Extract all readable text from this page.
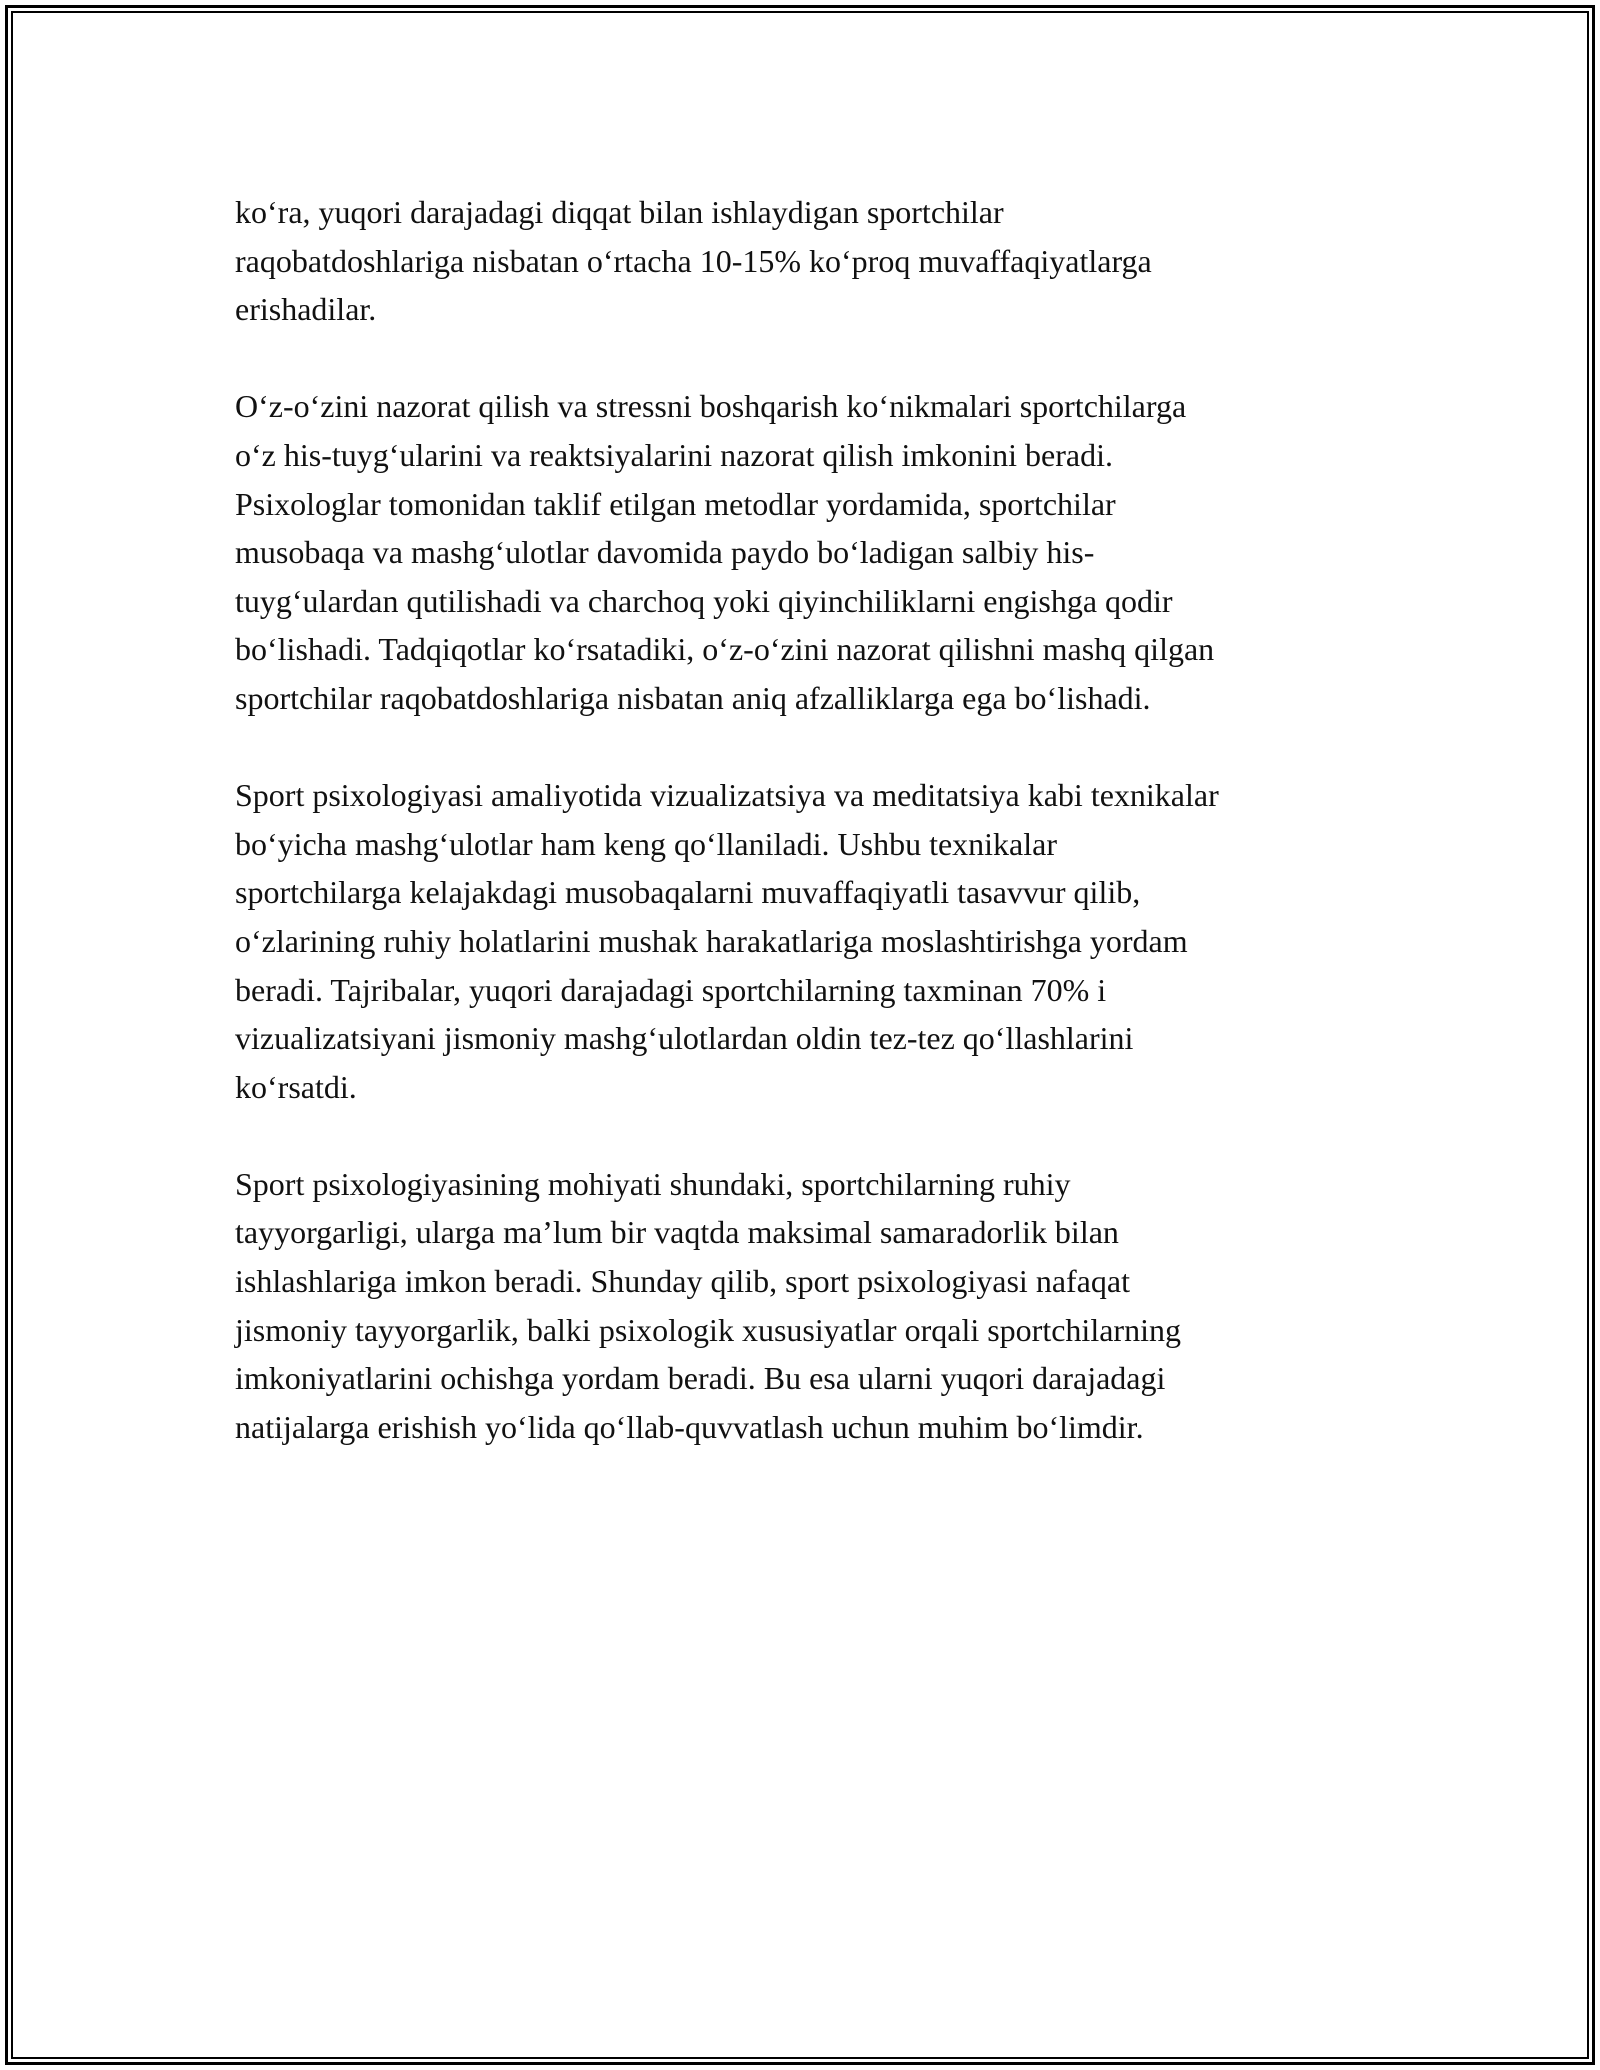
ko‘ra, yuqori darajadagi diqqat bilan ishlaydigan sportchilar
raqobatdoshlariga nisbatan o‘rtacha 10-15% ko‘proq muvaffaqiyatlarga
erishadilar.

O‘z-o‘zini nazorat qilish va stressni boshqarish ko‘nikmalari sportchilarga
o‘z his-tuyg‘ularini va reaktsiyalarini nazorat qilish imkonini beradi.
Psixologlar tomonidan taklif etilgan metodlar yordamida, sportchilar
musobaqa va mashg‘ulotlar davomida paydo bo‘ladigan salbiy his-
tuyg‘ulardan qutilishadi va charchoq yoki qiyinchiliklarni engishga qodir
bo‘lishadi. Tadqiqotlar ko‘rsatadiki, o‘z-o‘zini nazorat qilishni mashq qilgan
sportchilar raqobatdoshlariga nisbatan aniq afzalliklarga ega bo‘lishadi.

Sport psixologiyasi amaliyotida vizualizatsiya va meditatsiya kabi texnikalar
bo‘yicha mashg‘ulotlar ham keng qo‘llaniladi. Ushbu texnikalar
sportchilarga kelajakdagi musobaqalarni muvaffaqiyatli tasavvur qilib,
o‘zlarining ruhiy holatlarini mushak harakatlariga moslashtirishga yordam
beradi. Tajribalar, yuqori darajadagi sportchilarning taxminan 70% i
vizualizatsiyani jismoniy mashg‘ulotlardan oldin tez-tez qo‘llashlarini
ko‘rsatdi.

Sport psixologiyasining mohiyati shundaki, sportchilarning ruhiy
tayyorgarligi, ularga ma’lum bir vaqtda maksimal samaradorlik bilan
ishlashlariga imkon beradi. Shunday qilib, sport psixologiyasi nafaqat
jismoniy tayyorgarlik, balki psixologik xususiyatlar orqali sportchilarning
imkoniyatlarini ochishga yordam beradi. Bu esa ularni yuqori darajadagi
natijalarga erishish yo‘lida qo‘llab-quvvatlash uchun muhim bo‘limdir.
